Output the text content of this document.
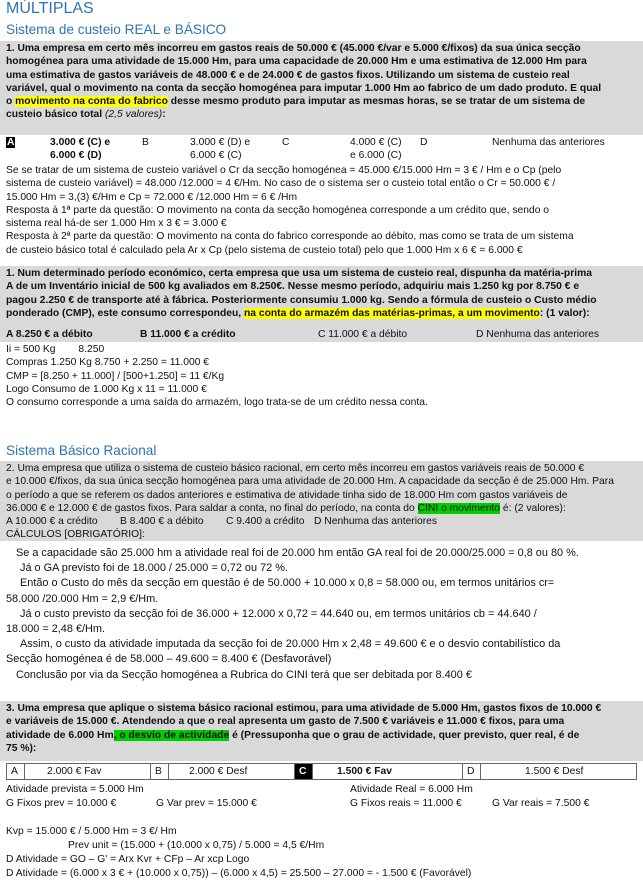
MÚLTIPLAS
Sistema de custeio REAL e BÁSICO
1. Uma empresa em certo mês incorreu em gastos reais de 50.000 € (45.000 €/var e 5.000 €/fixos) da sua única secção
homogénea para uma atividade de 15.000 Hm, para uma capacidade de 20.000 Hm e uma estimativa de 12.000 Hm para
uma estimativa de gastos variáveis de 48.000 € e de 24.000 € de gastos fixos. Utilizando um sistema de custeio real
variável, qual o movimento na conta da secção homogénea para imputar 1.000 Hm ao fabrico de um dado produto. E qual
o movimento na conta do fabrico desse mesmo produto para imputar as mesmas horas, se se tratar de um sistema de
custeio básico total (2,5 valores):
A	3.000 € (C) e
6.000 € (D)
B	3.000 € (D) e
6.000 € (C)
C	4.000 € (C)
e 6.000 (C)
D	Nenhuma das anteriores
Se se tratar de um sistema de custeio variável o Cr da secção homogénea = 45.000 €/15.000 Hm = 3 € / Hm e o Cp (pelo
sistema de custeio variável) = 48.000 /12.000 = 4 €/Hm. No caso de o sistema ser o custeio total então o Cr = 50.000 € /
15.000 Hm = 3,(3) €/Hm e Cp = 72.000 € /12.000 Hm = 6 € /Hm
Resposta à 1ª parte da questão: O movimento na conta da secção homogénea corresponde a um crédito que, sendo o
sistema real há-de ser 1.000 Hm x 3 € = 3.000 €
Resposta à 2ª parte da questão: O movimento na conta do fabrico corresponde ao débito, mas como se trata de um sistema
de custeio básico total é calculado pela Ar x Cp (pelo sistema de custeio total) pelo que 1.000 Hm x 6 € = 6.000 €
1. Num determinado período económico, certa empresa que usa um sistema de custeio real, dispunha da matéria-prima
A de um Inventário inicial de 500 kg avaliados em 8.250€. Nesse mesmo período, adquiriu mais 1.250 kg por 8.750 € e
pagou 2.250 € de transporte até à fábrica. Posteriormente consumiu 1.000 kg. Sendo a fórmula de custeio o Custo médio
ponderado (CMP), este consumo correspondeu, na conta do armazém das matérias-primas, a um movimento: (1 valor):
A 8.250 € a débito	B 11.000 € a crédito	C 11.000 € a débito	D Nenhuma das anteriores
Ii = 500 Kg        8.250
Compras 1.250 Kg 8.750 + 2.250 = 11.000 €
CMP = [8.250 + 11.000] / [500+1.250] = 11 €/Kg
Logo Consumo de 1.000 Kg x 11 = 11.000 €
O consumo corresponde a uma saída do armazém, logo trata-se de um crédito nessa conta.
Sistema Básico Racional
2. Uma empresa que utiliza o sistema de custeio básico racional, em certo mês incorreu em gastos variáveis reais de 50.000 €
e 10.000 €/fixos, da sua única secção homogénea para uma atividade de 20.000 Hm. A capacidade da secção é de 25.000 Hm. Para
o período a que se referem os dados anteriores e estimativa de atividade tinha sido de 18.000 Hm com gastos variáveis de
36.000 € e 12.000 € de gastos fixos. Para saldar a conta, no final do período, na conta do CINI o movimento é: (2 valores):
A 10.000 € a crédito B 8.400 € a débito C 9.400 a crédito D Nenhuma das anteriores
CÁLCULOS [OBRIGATÓRIO]:
Se a capacidade são 25.000 hm a atividade real foi de 20.000 hm então GA real foi de 20.000/25.000 = 0,8 ou 80 %.
Já o GA previsto foi de 18.000 / 25.000 = 0,72 ou 72 %.
Então o Custo do mês da secção em questão é de 50.000 + 10.000 x 0,8 = 58.000 ou, em termos unitários cr=
58.000 /20.000 Hm = 2,9 €/Hm.
Já o custo previsto da secção foi de 36.000 + 12.000 x 0,72 = 44.640 ou, em termos unitários cb = 44.640 /
18.000 = 2,48 €/Hm.
Assim, o custo da atividade imputada da secção foi de 20.000 Hm x 2,48 = 49.600 € e o desvio contabilístico da
Secção homogénea é de 58.000 – 49.600 = 8.400 € (Desfavorável)
Conclusão por via da Secção homogénea a Rubrica do CINI terá que ser debitada por 8.400 €
3. Uma empresa que aplique o sistema básico racional estimou, para uma atividade de 5.000 Hm, gastos fixos de 10.000 €
e variáveis de 15.000 €. Atendendo a que o real apresenta um gasto de 7.500 € variáveis e 11.000 € fixos, para uma
atividade de 6.000 Hm, o desvio de actividade é (Pressuponha que o grau de actividade, quer previsto, quer real, é de
75 %):
A	2.000 € Fav	B	2.000 € Desf	C	1.500 € Fav	D	1.500 € Desf
Atividade prevista = 5.000 Hm	Atividade Real = 6.000 Hm
G Fixos prev = 10.000 €	G Var prev = 15.000 €	G Fixos reais = 11.000 €	G Var reais = 7.500 €
Kvp = 15.000 € / 5.000 Hm = 3 €/ Hm
Prev unit = (15.000 + (10.000 x 0,75) / 5.000 = 4,5 €/Hm
D Atividade = GO – G' = Arx Kvr + CFp – Ar xcp Logo
D Atividade = (6.000 x 3 € + (10.000 x 0,75)) – (6.000 x 4,5) = 25.500 – 27.000 = - 1.500 € (Favorável)
